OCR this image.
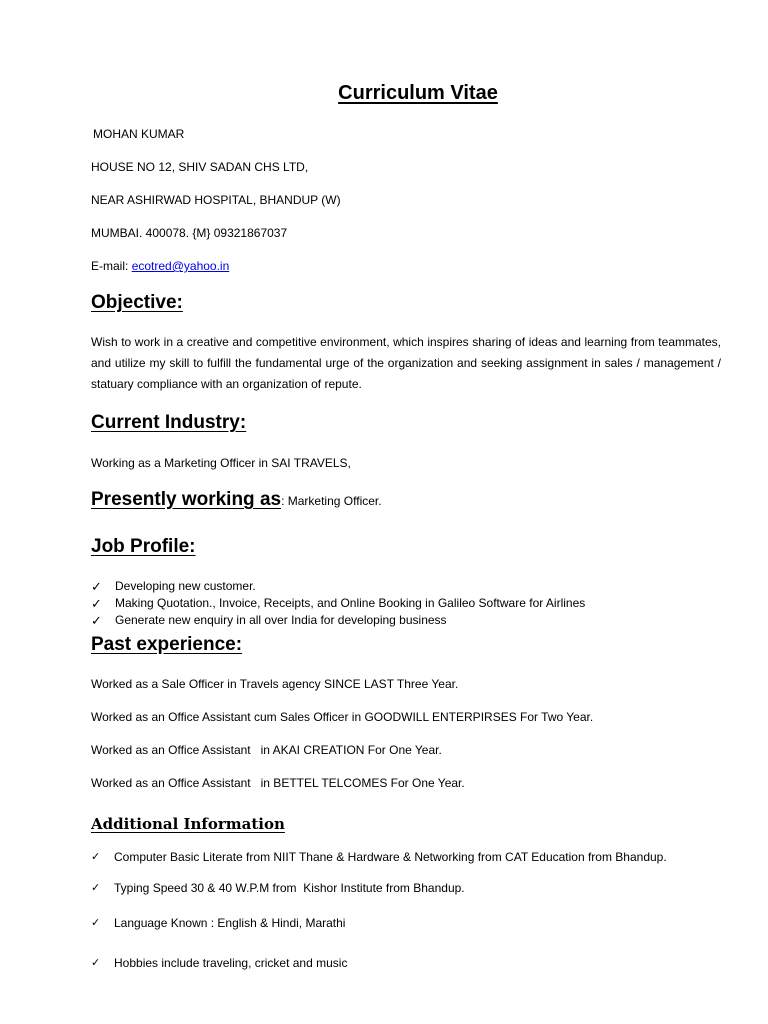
Curriculum Vitae
MOHAN KUMAR
HOUSE NO 12, SHIV SADAN CHS LTD,
NEAR ASHIRWAD HOSPITAL, BHANDUP (W)
MUMBAI. 400078. {M} 09321867037
E-mail: ecotred@yahoo.in
Objective:
Wish to work in a creative and competitive environment, which inspires sharing of ideas and learning from teammates, and utilize my skill to fulfill the fundamental urge of the organization and seeking assignment in sales / management / statuary compliance with an organization of repute.
Current Industry:
Working as a Marketing Officer in SAI TRAVELS,
Presently working as: Marketing Officer.
Job Profile:
✓	Developing new customer.
✓	Making Quotation., Invoice, Receipts, and Online Booking in Galileo Software for Airlines
✓	Generate new enquiry in all over India for developing business
Past experience:
Worked as a Sale Officer in Travels agency SINCE LAST Three Year.
Worked as an Office Assistant cum Sales Officer in GOODWILL ENTERPIRSES For Two Year.
Worked as an Office Assistant   in AKAI CREATION For One Year.
Worked as an Office Assistant   in BETTEL TELCOMES For One Year.
Additional Information
✓	Computer Basic Literate from NIIT Thane & Hardware & Networking from CAT Education from Bhandup.
✓	Typing Speed 30 & 40 W.P.M from  Kishor Institute from Bhandup.
✓	Language Known : English & Hindi, Marathi
✓	Hobbies include traveling, cricket and music
